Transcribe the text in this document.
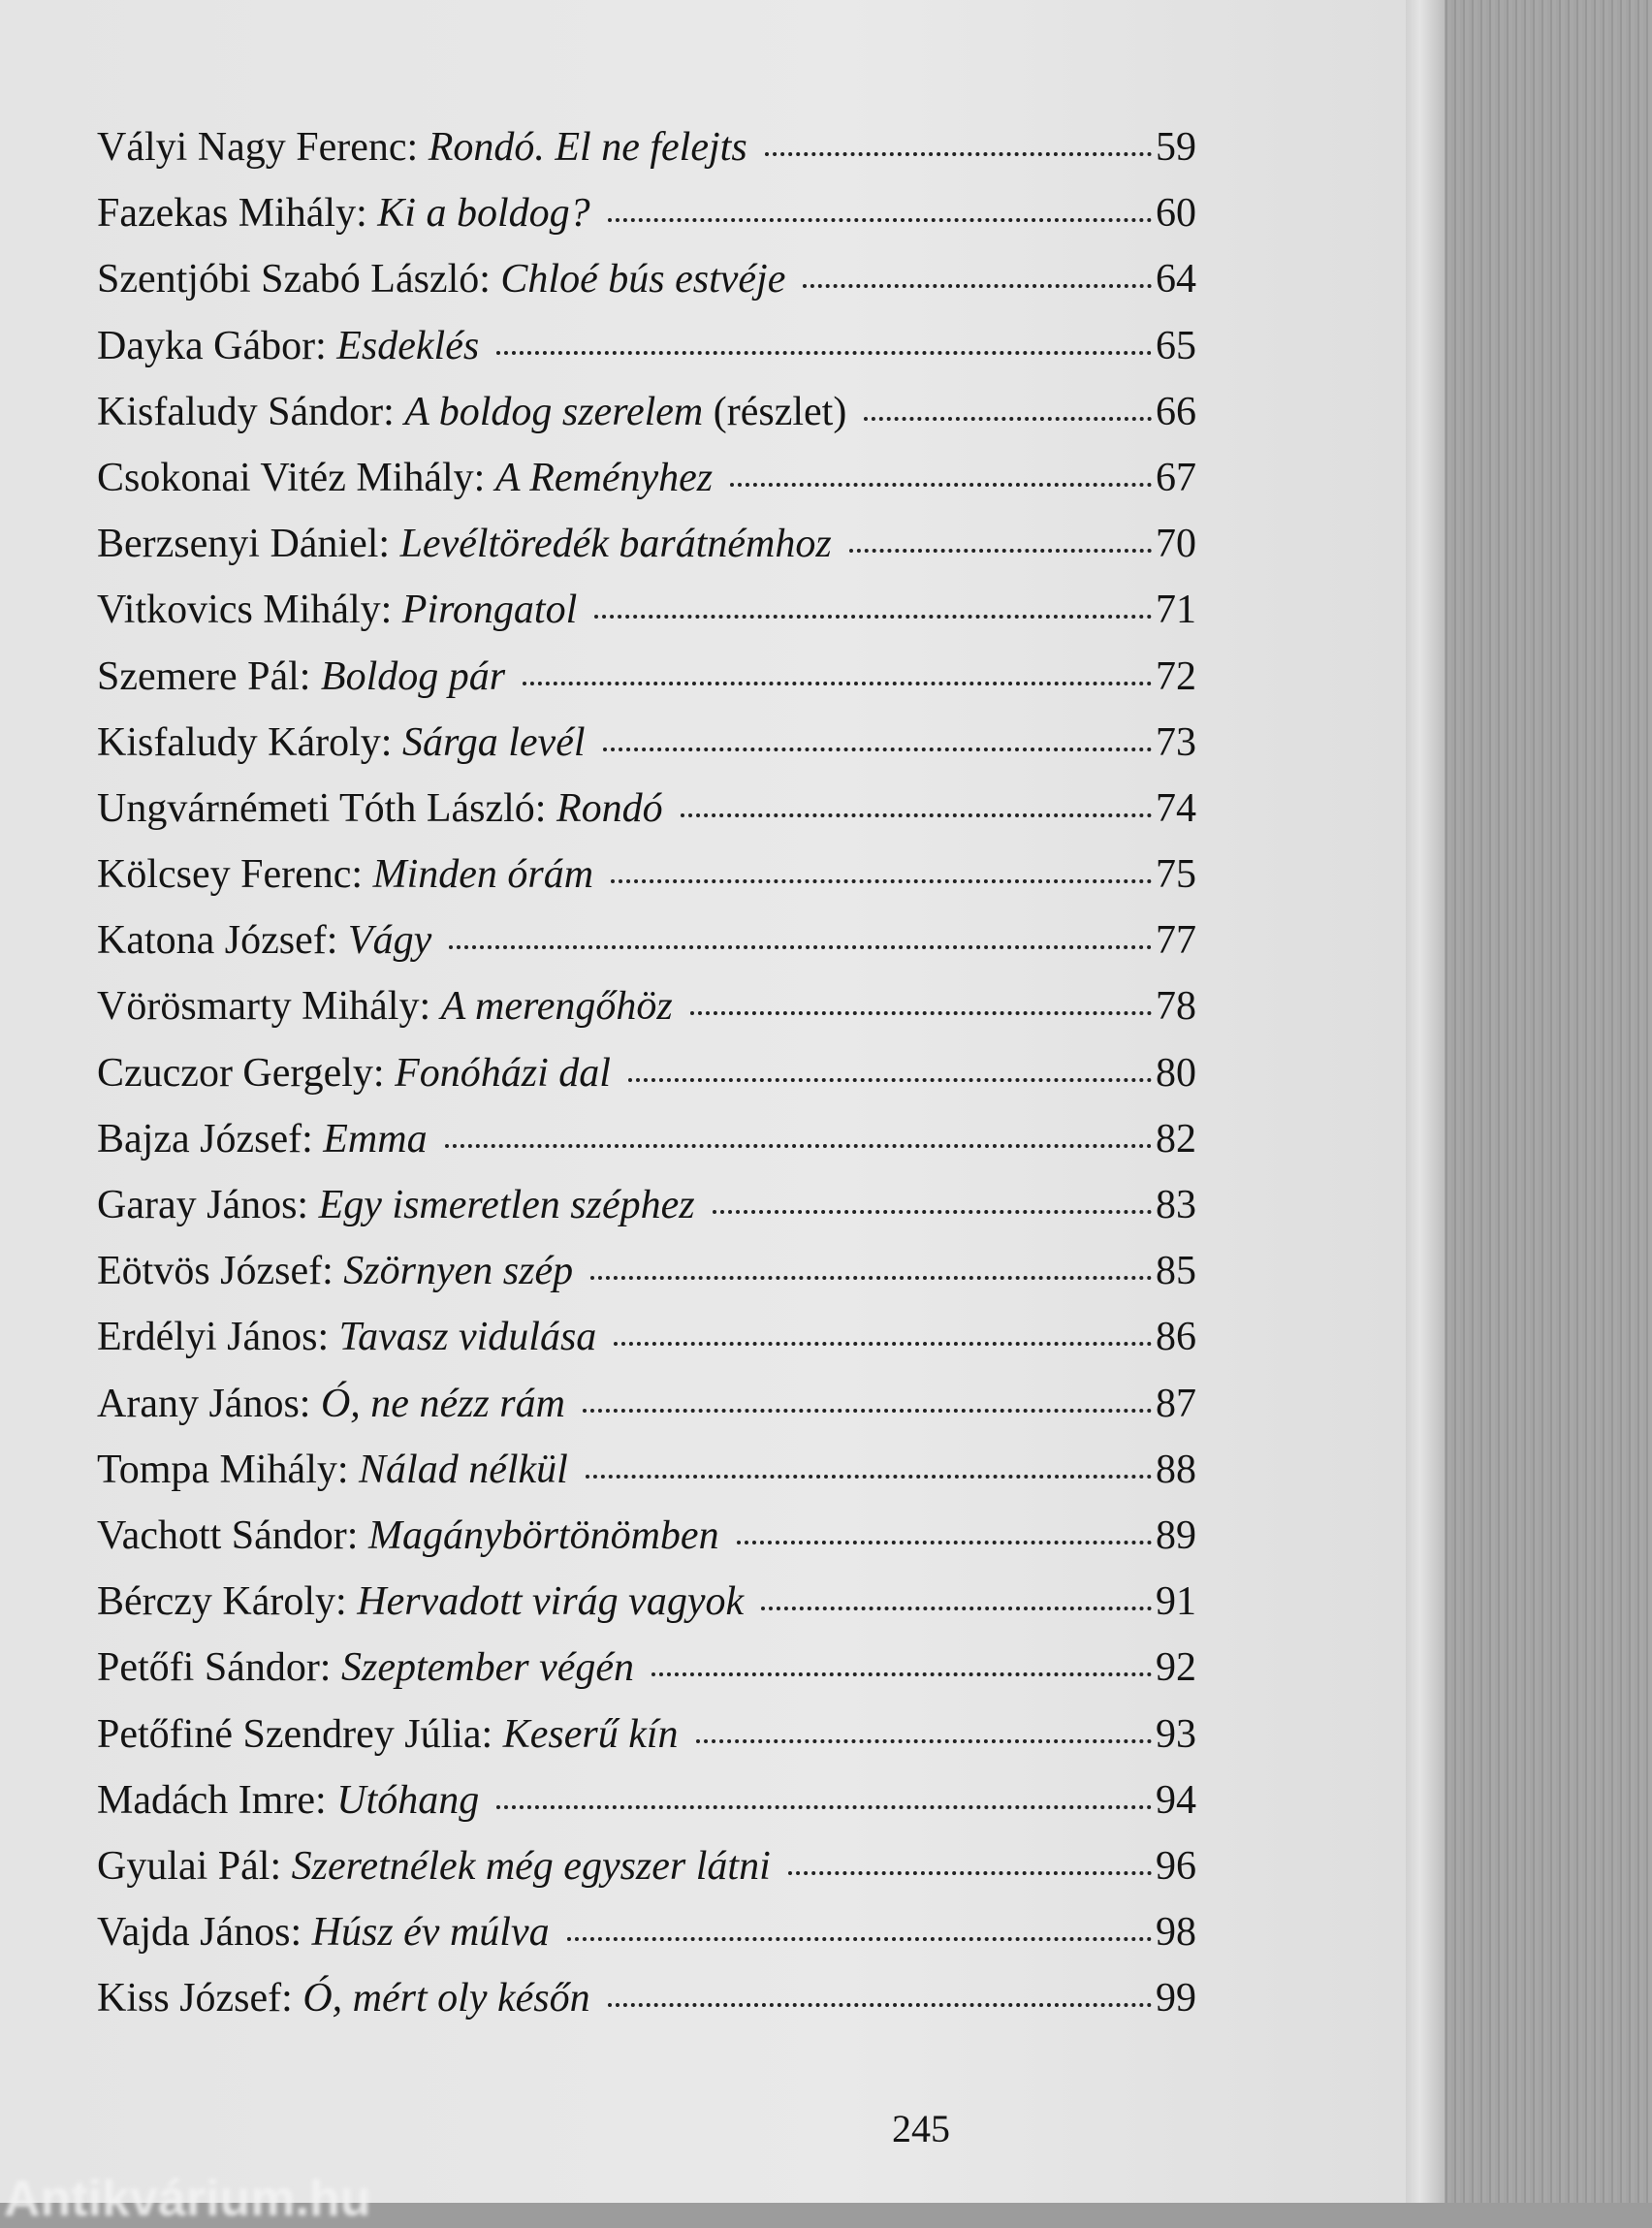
Vályi Nagy Ferenc: Rondó. El ne felejts	59
Fazekas Mihály: Ki a boldog?	60
Szentjóbi Szabó László: Chloé bús estvéje	64
Dayka Gábor: Esdeklés	65
Kisfaludy Sándor: A boldog szerelem (részlet)	66
Csokonai Vitéz Mihály: A Reményhez	67
Berzsenyi Dániel: Levéltöredék barátnémhoz	70
Vitkovics Mihály: Pirongatol	71
Szemere Pál: Boldog pár	72
Kisfaludy Károly: Sárga levél	73
Ungvárnémeti Tóth László: Rondó	74
Kölcsey Ferenc: Minden órám	75
Katona József: Vágy	77
Vörösmarty Mihály: A merengőhöz	78
Czuczor Gergely: Fonóházi dal	80
Bajza József: Emma	82
Garay János: Egy ismeretlen széphez	83
Eötvös József: Szörnyen szép	85
Erdélyi János: Tavasz vidulása	86
Arany János: Ó, ne nézz rám	87
Tompa Mihály: Nálad nélkül	88
Vachott Sándor: Magánybörtönömben	89
Bérczy Károly: Hervadott virág vagyok	91
Petőfi Sándor: Szeptember végén	92
Petőfiné Szendrey Júlia: Keserű kín	93
Madách Imre: Utóhang	94
Gyulai Pál: Szeretnélek még egyszer látni	96
Vajda János: Húsz év múlva	98
Kiss József: Ó, mért oly későn	99
245
Antikvárium.hu
